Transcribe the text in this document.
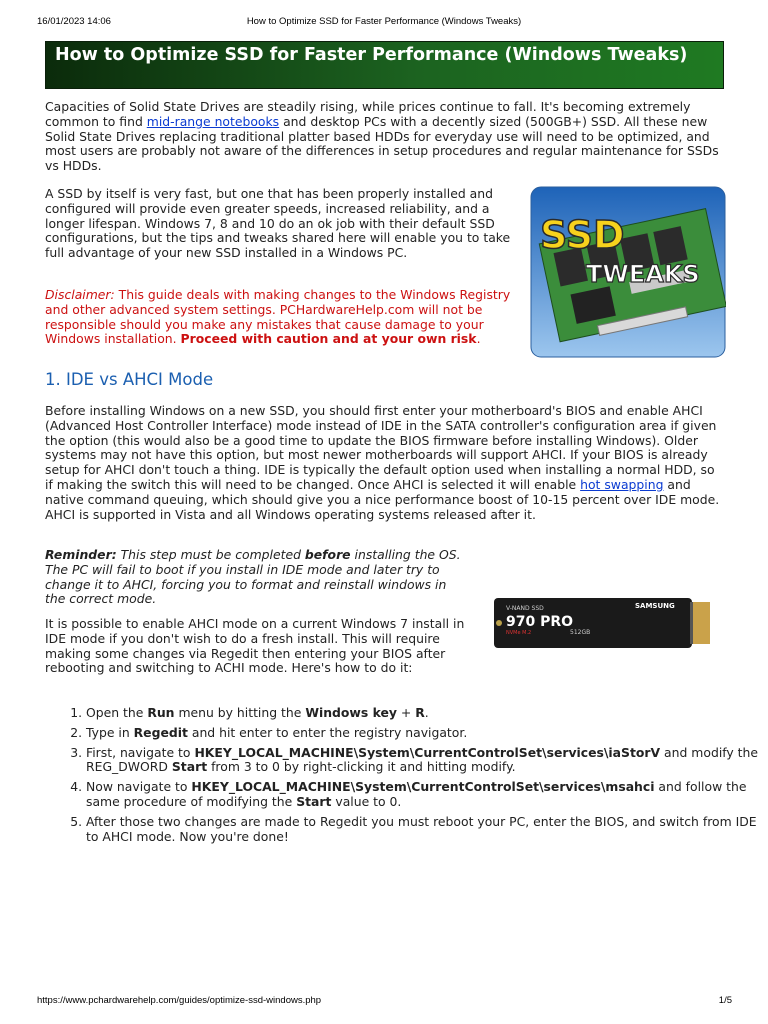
16/01/2023 14:06	How to Optimize SSD for Faster Performance (Windows Tweaks)
How to Optimize SSD for Faster Performance (Windows Tweaks)

Capacities of Solid State Drives are steadily rising, while prices continue to fall. It's becoming extremely common to find mid-range notebooks and desktop PCs with a decently sized (500GB+) SSD. All these new Solid State Drives replacing traditional platter based HDDs for everyday use will need to be optimized, and most users are probably not aware of the differences in setup procedures and regular maintenance for SSDs vs HDDs.

A SSD by itself is very fast, but one that has been properly installed and configured will provide even greater speeds, increased reliability, and a longer lifespan. Windows 7, 8 and 10 do an ok job with their default SSD configurations, but the tips and tweaks shared here will enable you to take full advantage of your new SSD installed in a Windows PC.

Disclaimer: This guide deals with making changes to the Windows Registry and other advanced system settings. PCHardwareHelp.com will not be responsible should you make any mistakes that cause damage to your Windows installation. Proceed with caution and at your own risk.

1. IDE vs AHCI Mode

Before installing Windows on a new SSD, you should first enter your motherboard's BIOS and enable AHCI (Advanced Host Controller Interface) mode instead of IDE in the SATA controller's configuration area if given the option (this would also be a good time to update the BIOS firmware before installing Windows). Older systems may not have this option, but most newer motherboards will support AHCI. If your BIOS is already setup for AHCI don't touch a thing. IDE is typically the default option used when installing a normal HDD, so if making the switch this will need to be changed. Once AHCI is selected it will enable hot swapping and native command queuing, which should give you a nice performance boost of 10-15 percent over IDE mode. AHCI is supported in Vista and all Windows operating systems released after it.

Reminder: This step must be completed before installing the OS. The PC will fail to boot if you install in IDE mode and later try to change it to AHCI, forcing you to format and reinstall windows in the correct mode.

It is possible to enable AHCI mode on a current Windows 7 install in IDE mode if you don't wish to do a fresh install. This will require making some changes via Regedit then entering your BIOS after rebooting and switching to ACHI mode. Here's how to do it:

1. Open the Run menu by hitting the Windows key + R.
2. Type in Regedit and hit enter to enter the registry navigator.
3. First, navigate to HKEY_LOCAL_MACHINE\System\CurrentControlSet\services\iaStorV and modify the REG_DWORD Start from 3 to 0 by right-clicking it and hitting modify.
4. Now navigate to HKEY_LOCAL_MACHINE\System\CurrentControlSet\services\msahci and follow the same procedure of modifying the Start value to 0.
5. After those two changes are made to Regedit you must reboot your PC, enter the BIOS, and switch from IDE to AHCI mode. Now you're done!
SSD
TWEAKS
V-NAND SSD
970 PRO
NVMe M.2
SAMSUNG
512GB
https://www.pchardwarehelp.com/guides/optimize-ssd-windows.php	1/5
